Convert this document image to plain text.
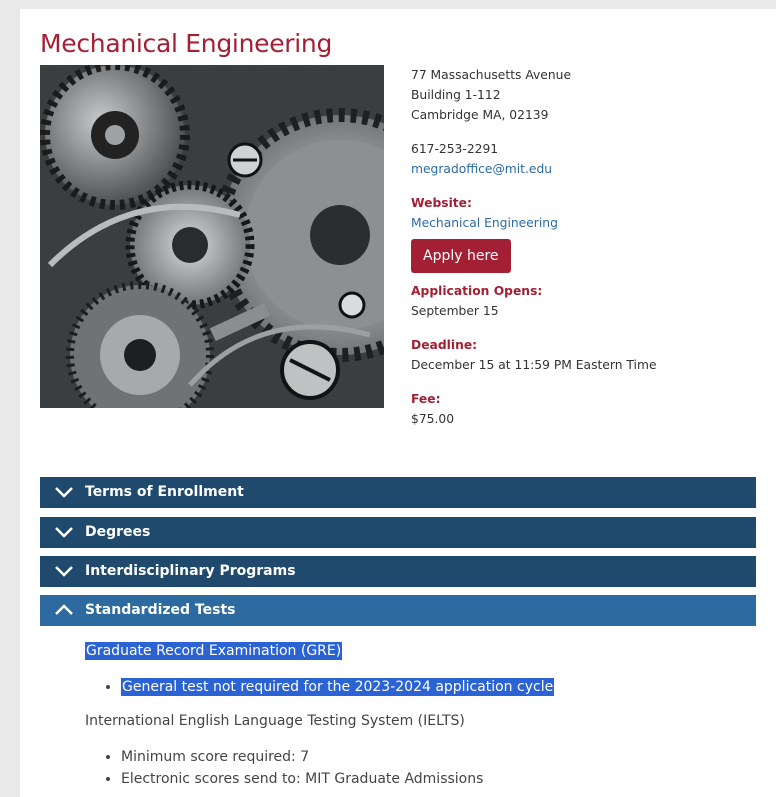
Mechanical Engineering
77 Massachusetts Avenue
Building 1-112
Cambridge MA, 02139
617-253-2291
megradoffice@mit.edu
Website:
Mechanical Engineering
Apply here
Application Opens:
September 15
Deadline:
December 15 at 11:59 PM Eastern Time
Fee:
$75.00
Terms of Enrollment
Degrees
Interdisciplinary Programs
Standardized Tests
Graduate Record Examination (GRE)
• General test not required for the 2023-2024 application cycle
International English Language Testing System (IELTS)
• Minimum score required: 7
• Electronic scores send to: MIT Graduate Admissions
